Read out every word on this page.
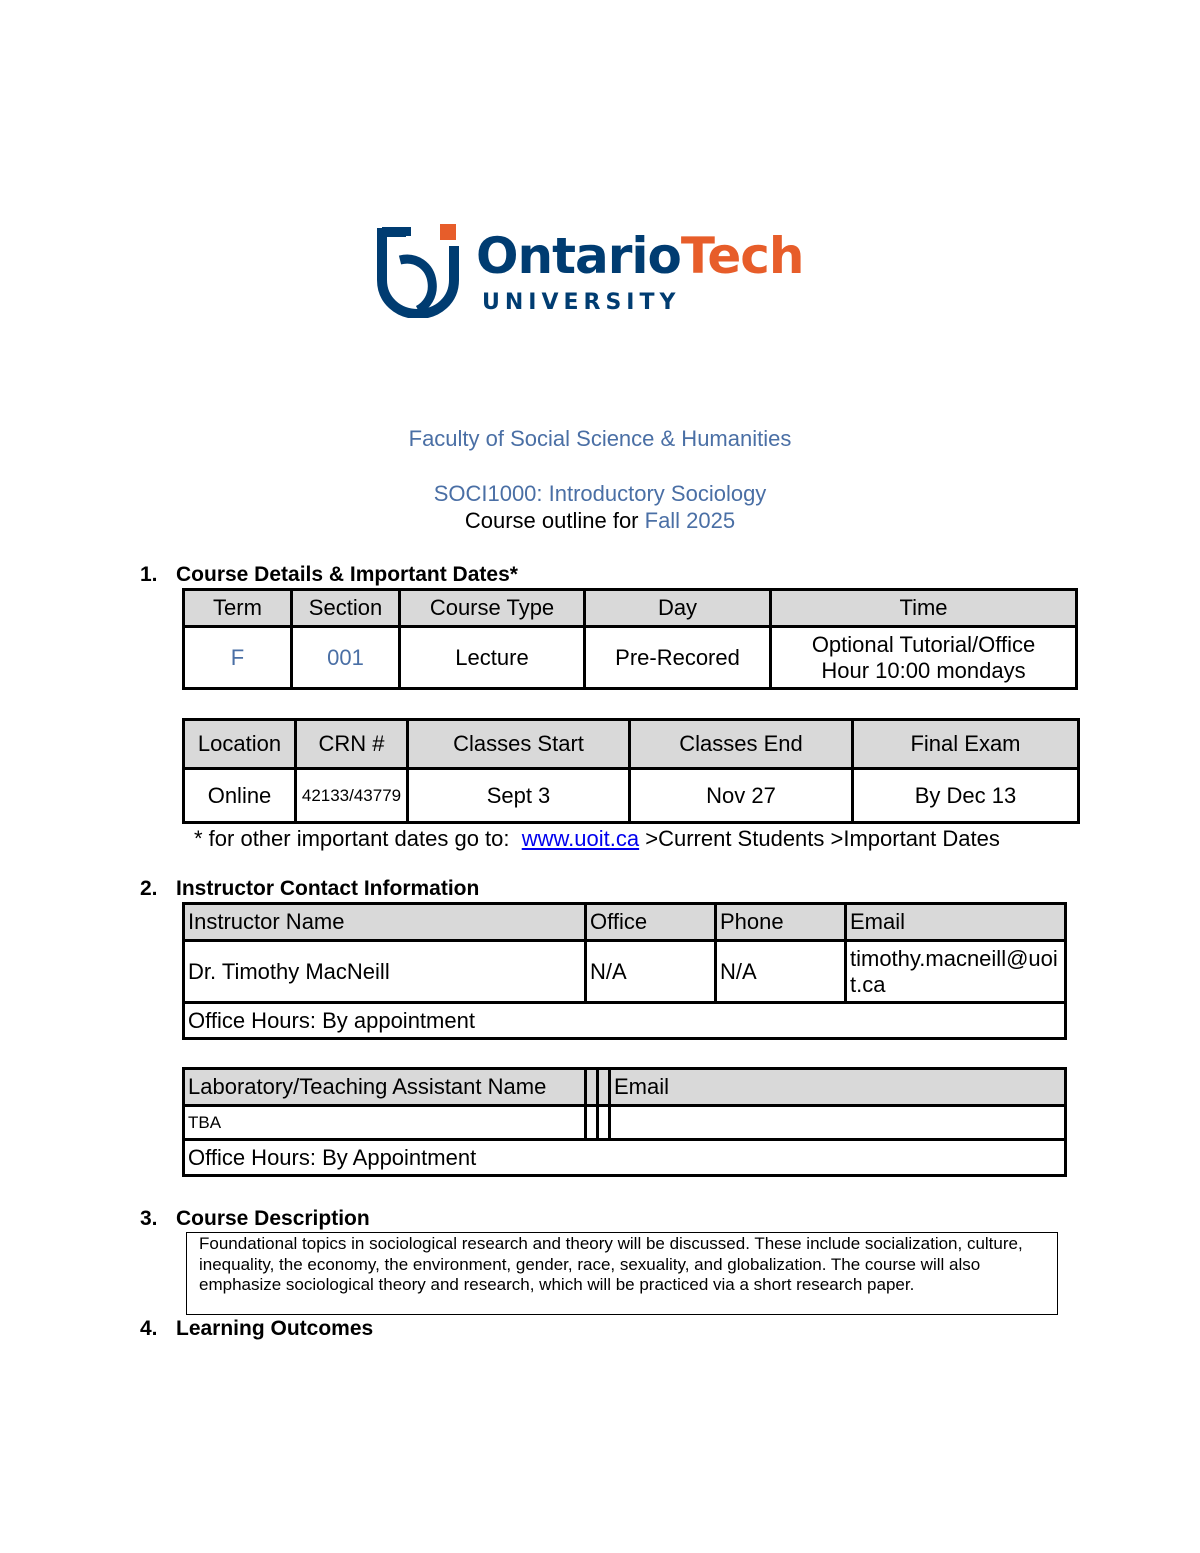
OntarioTech
UNIVERSITY
Faculty of Social Science & Humanities
SOCI1000: Introductory Sociology
Course outline for Fall 2025
1. Course Details & Important Dates*
Term	Section	Course Type	Day	Time
F	001	Lecture	Pre-Recored	Optional Tutorial/Office Hour 10:00 mondays
Location	CRN #	Classes Start	Classes End	Final Exam
Online	42133/43779	Sept 3	Nov 27	By Dec 13
* for other important dates go to:  www.uoit.ca >Current Students >Important Dates
2. Instructor Contact Information
Instructor Name	Office	Phone	Email
Dr. Timothy MacNeill	N/A	N/A	timothy.macneill@uoit.ca
Office Hours: By appointment			
Laboratory/Teaching Assistant Name			Email
TBA			
Office Hours: By Appointment			
3. Course Description
Foundational topics in sociological research and theory will be discussed. These include socialization, culture, inequality, the economy, the environment, gender, race, sexuality, and globalization. The course will also emphasize sociological theory and research, which will be practiced via a short research paper.
4. Learning Outcomes
